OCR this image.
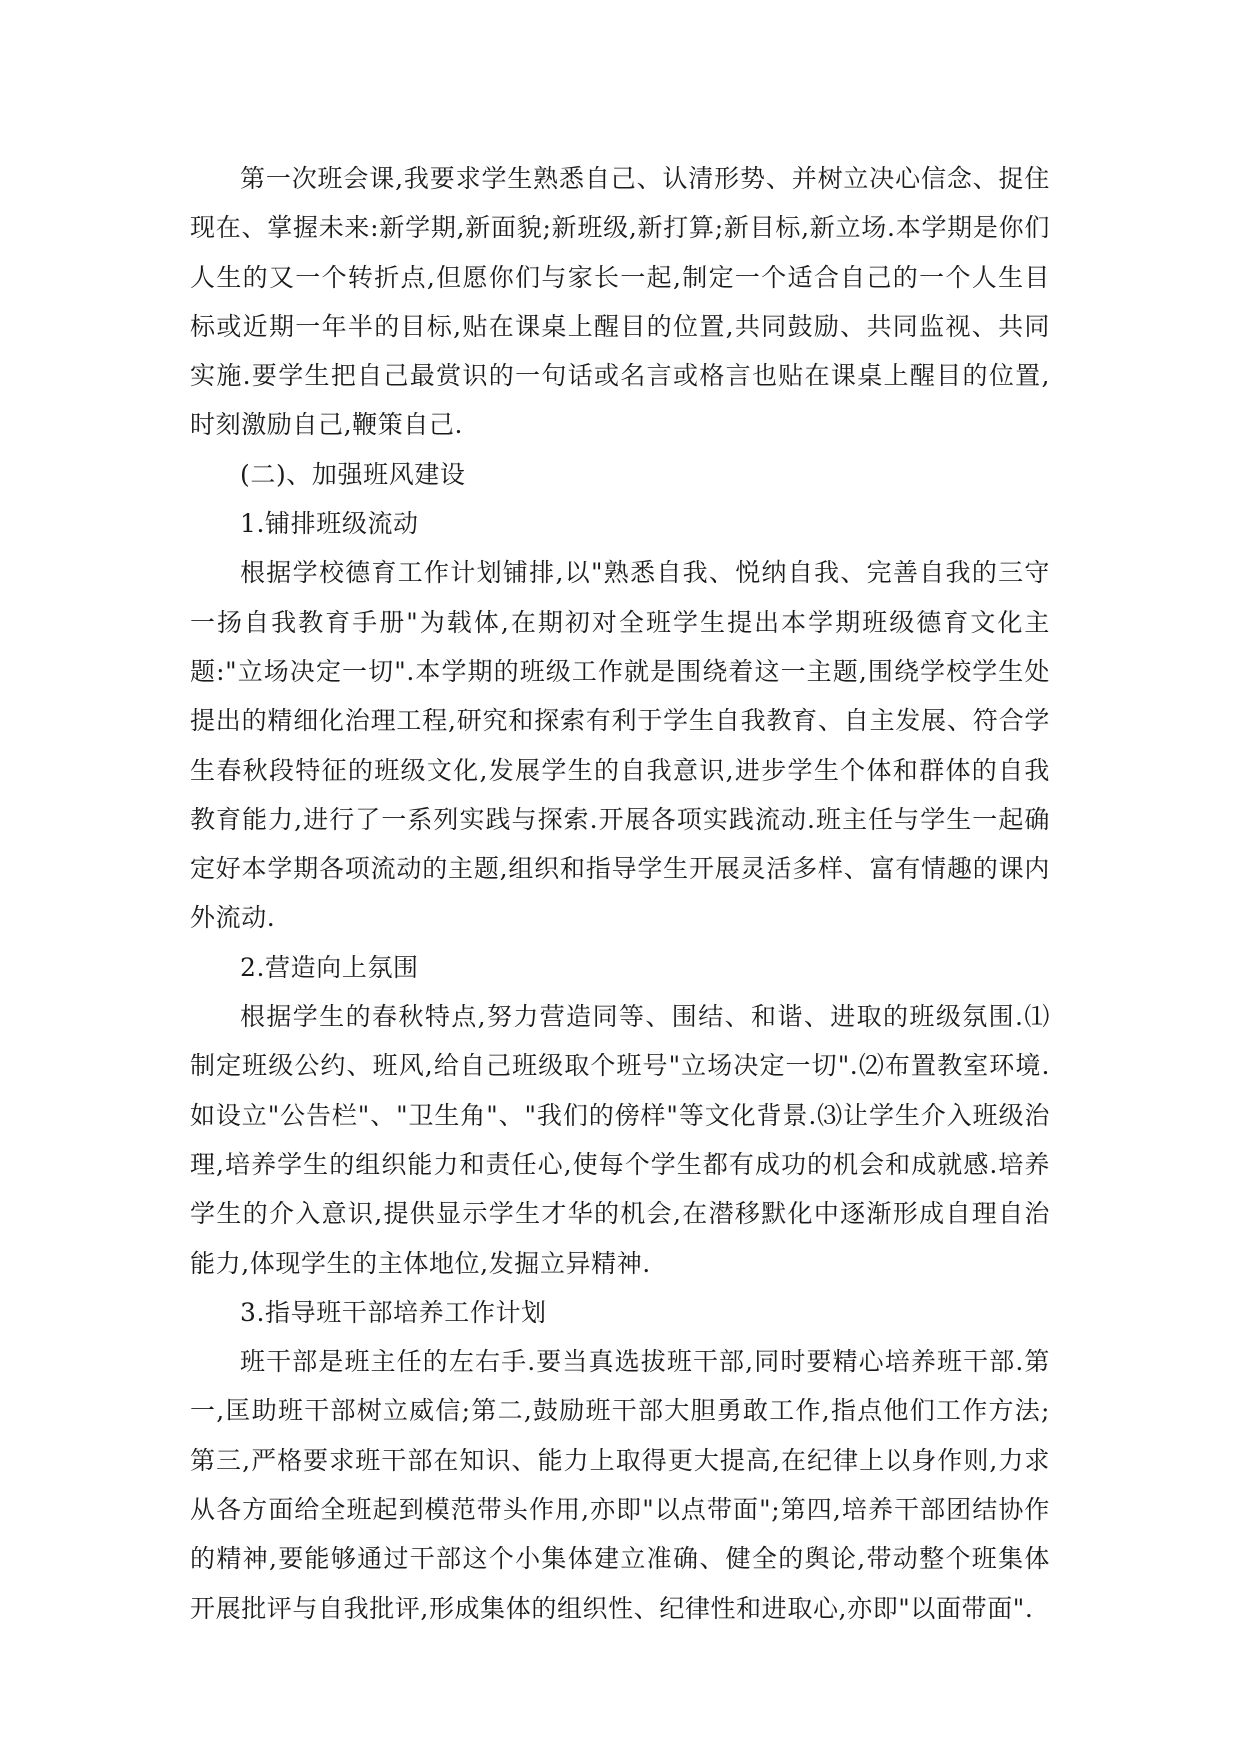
第一次班会课,我要求学生熟悉自己、认清形势、并树立决心信念、捉住现在、掌握未来:新学期,新面貌;新班级,新打算;新目标,新立场.本学期是你们人生的又一个转折点,但愿你们与家长一起,制定一个适合自己的一个人生目标或近期一年半的目标,贴在课桌上醒目的位置,共同鼓励、共同监视、共同实施.要学生把自己最赏识的一句话或名言或格言也贴在课桌上醒目的位置,时刻激励自己,鞭策自己.

(二)、加强班风建设

1.铺排班级流动

根据学校德育工作计划铺排,以"熟悉自我、悦纳自我、完善自我的三守一扬自我教育手册"为载体,在期初对全班学生提出本学期班级德育文化主题:"立场决定一切".本学期的班级工作就是围绕着这一主题,围绕学校学生处提出的精细化治理工程,研究和探索有利于学生自我教育、自主发展、符合学生春秋段特征的班级文化,发展学生的自我意识,进步学生个体和群体的自我教育能力,进行了一系列实践与探索.开展各项实践流动.班主任与学生一起确定好本学期各项流动的主题,组织和指导学生开展灵活多样、富有情趣的课内外流动.

2.营造向上氛围

根据学生的春秋特点,努力营造同等、围结、和谐、进取的班级氛围.⑴制定班级公约、班风,给自己班级取个班号"立场决定一切".⑵布置教室环境.如设立"公告栏"、"卫生角"、"我们的傍样"等文化背景.⑶让学生介入班级治理,培养学生的组织能力和责任心,使每个学生都有成功的机会和成就感.培养学生的介入意识,提供显示学生才华的机会,在潜移默化中逐渐形成自理自治能力,体现学生的主体地位,发掘立异精神.

3.指导班干部培养工作计划

班干部是班主任的左右手.要当真选拔班干部,同时要精心培养班干部.第一,匡助班干部树立威信;第二,鼓励班干部大胆勇敢工作,指点他们工作方法;第三,严格要求班干部在知识、能力上取得更大提高,在纪律上以身作则,力求从各方面给全班起到模范带头作用,亦即"以点带面";第四,培养干部团结协作的精神,要能够通过干部这个小集体建立准确、健全的舆论,带动整个班集体开展批评与自我批评,形成集体的组织性、纪律性和进取心,亦即"以面带面".
